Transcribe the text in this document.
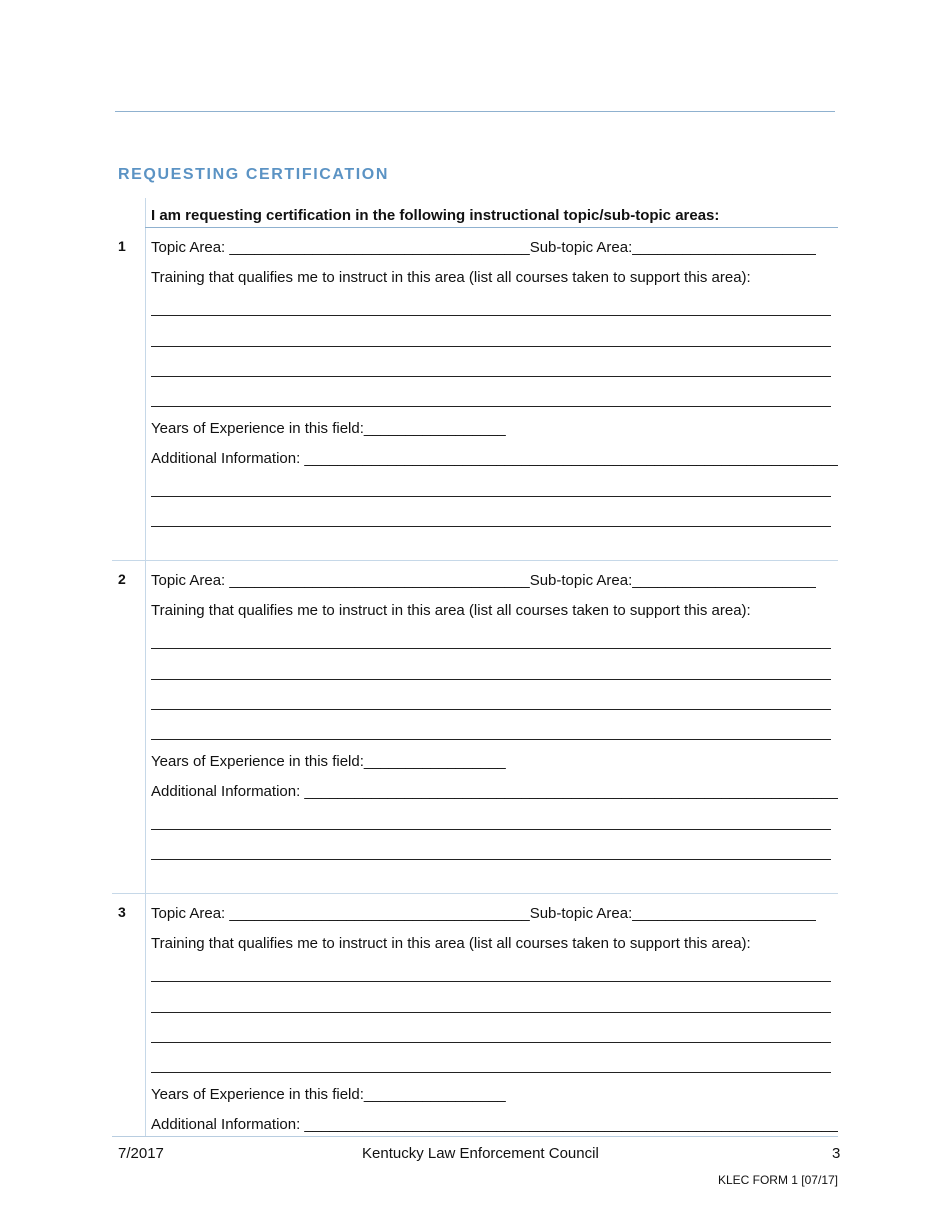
REQUESTING CERTIFICATION
I am requesting certification in the following instructional topic/sub-topic areas:
1 Topic Area: ____________________________________Sub-topic Area:______________________
Training that qualifies me to instruct in this area (list all courses taken to support this area):
Years of Experience in this field:_________________
Additional Information: ________________________________________________________________
2 Topic Area: ____________________________________Sub-topic Area:______________________
Training that qualifies me to instruct in this area (list all courses taken to support this area):
Years of Experience in this field:_________________
Additional Information: ________________________________________________________________
3 Topic Area: ____________________________________Sub-topic Area:______________________
Training that qualifies me to instruct in this area (list all courses taken to support this area):
Years of Experience in this field:_________________
Additional Information: ________________________________________________________________
7/2017	Kentucky Law Enforcement Council	3
KLEC FORM 1 [07/17]
